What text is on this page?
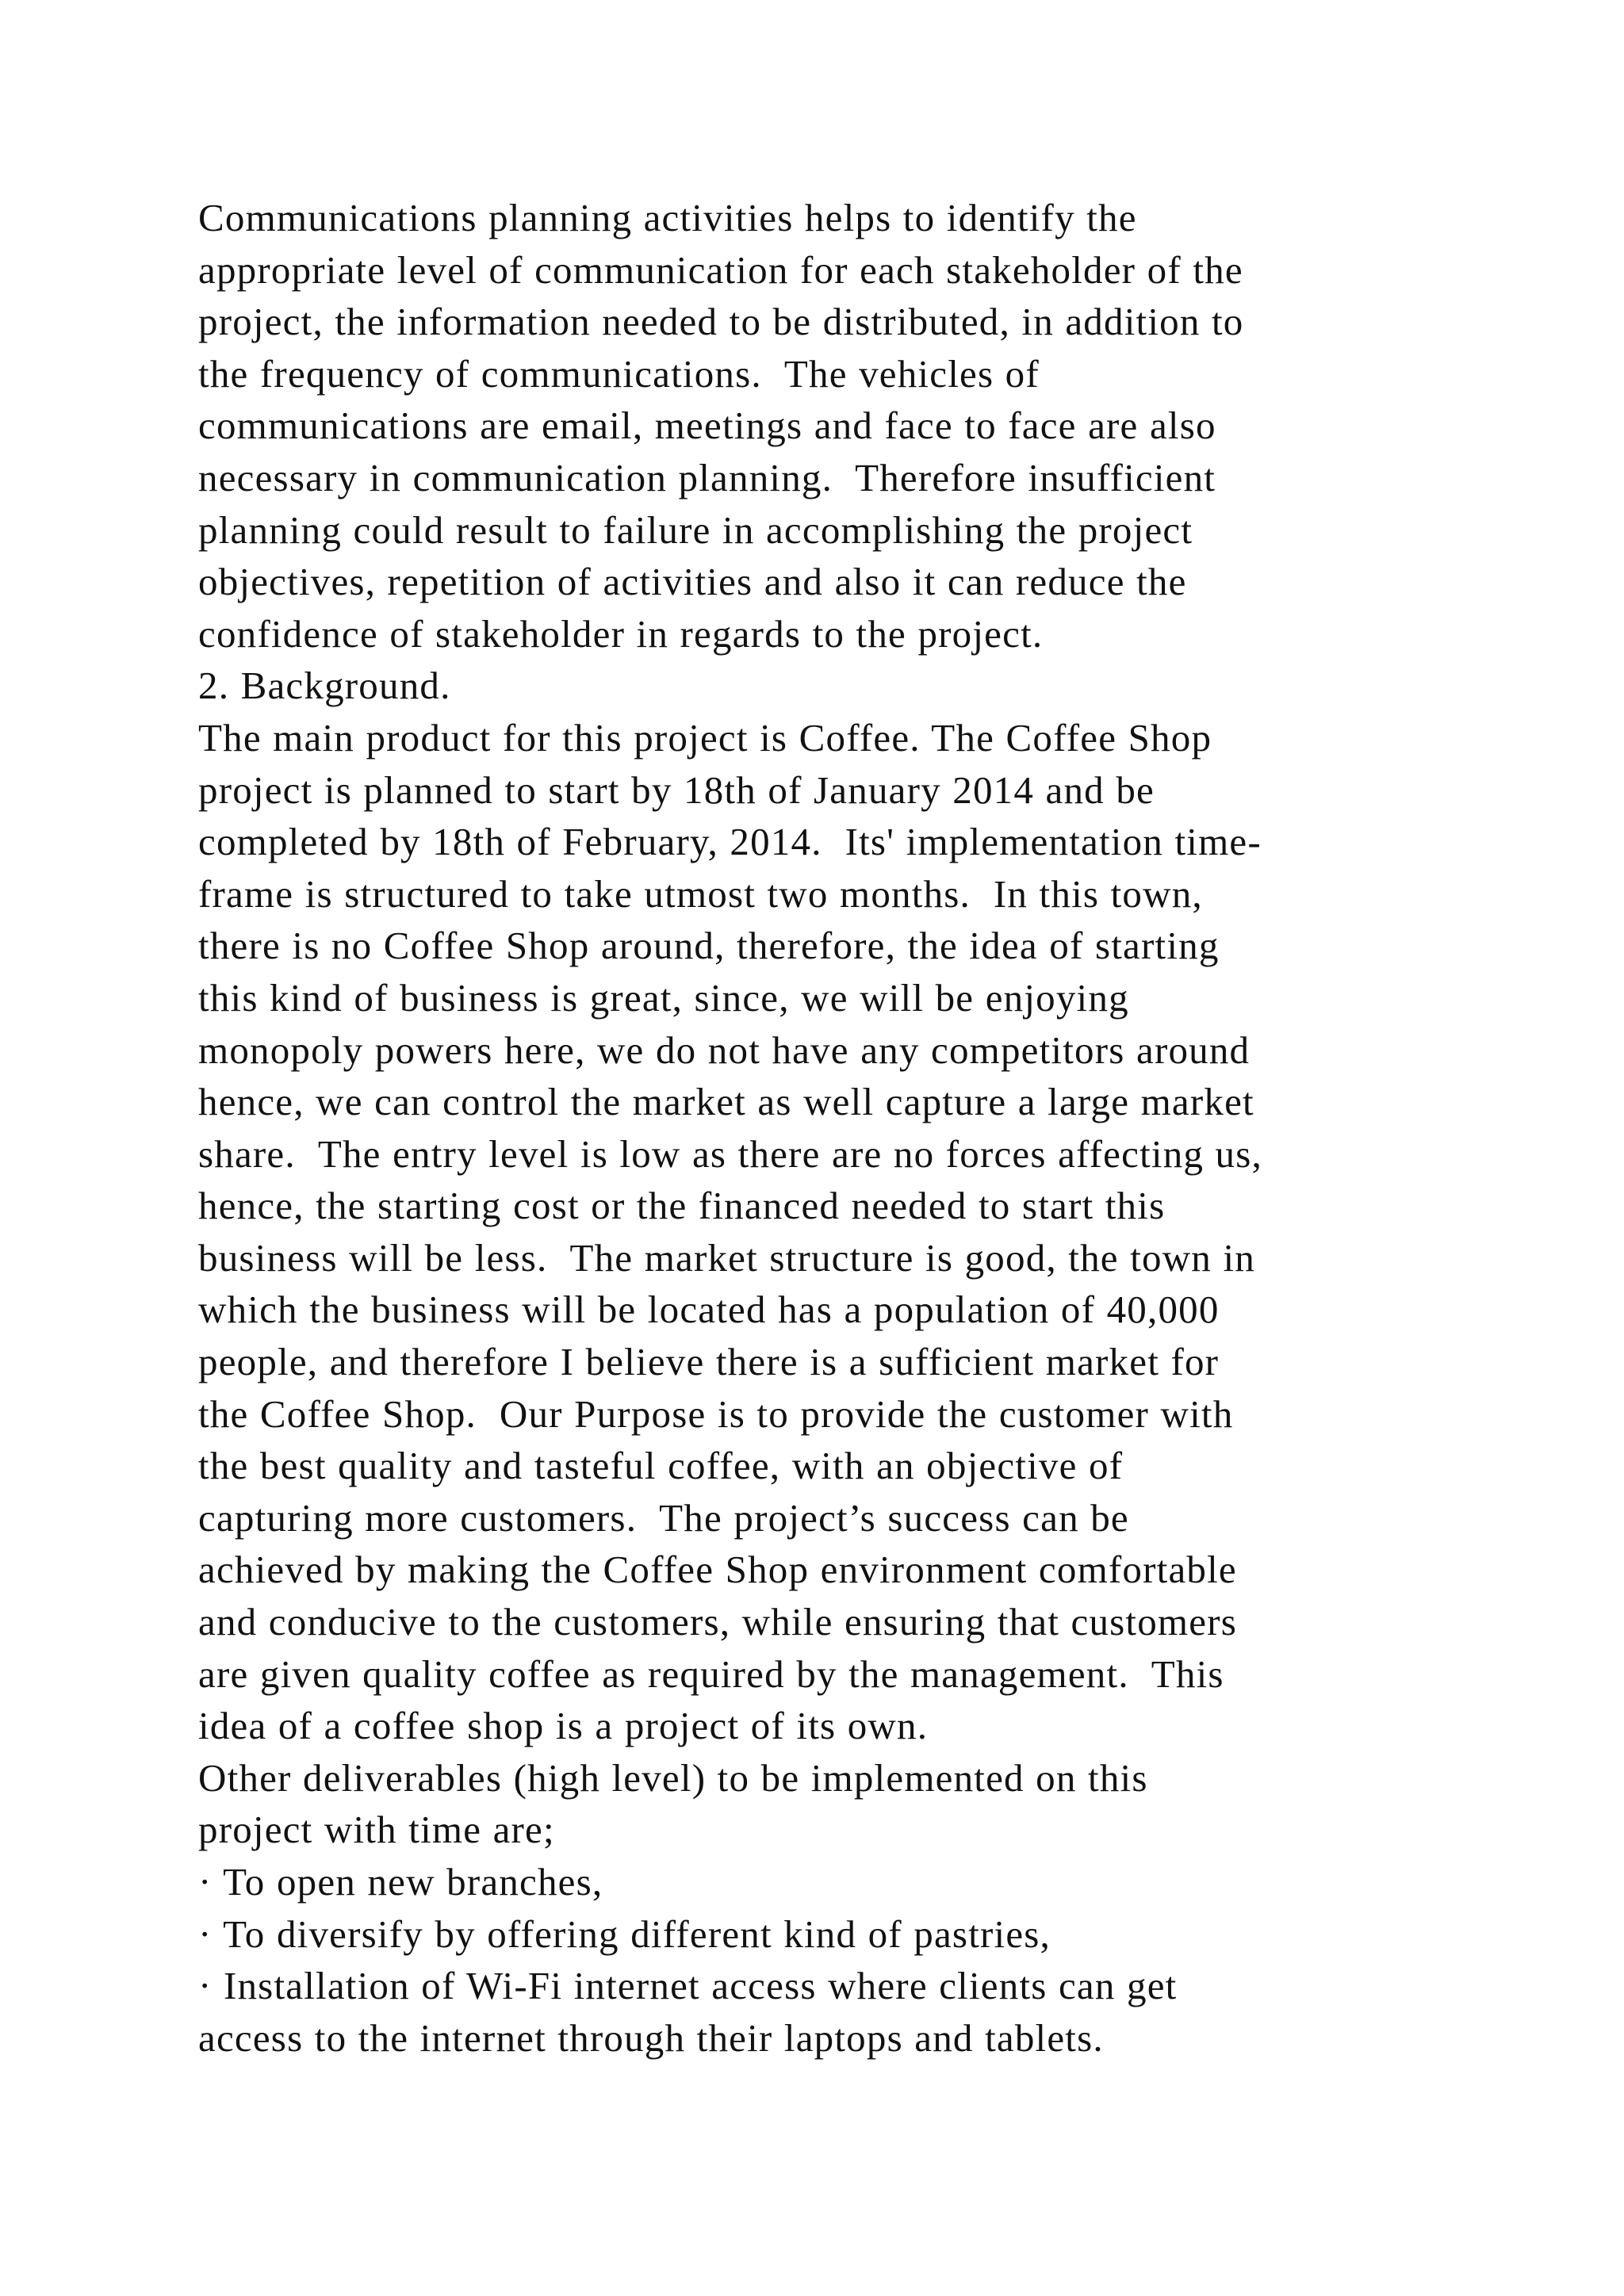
Communications planning activities helps to identify the
appropriate level of communication for each stakeholder of the
project, the information needed to be distributed, in addition to
the frequency of communications.  The vehicles of
communications are email, meetings and face to face are also
necessary in communication planning.  Therefore insufficient
planning could result to failure in accomplishing the project
objectives, repetition of activities and also it can reduce the
confidence of stakeholder in regards to the project.
2. Background.
The main product for this project is Coffee. The Coffee Shop
project is planned to start by 18th of January 2014 and be
completed by 18th of February, 2014.  Its' implementation time-
frame is structured to take utmost two months.  In this town,
there is no Coffee Shop around, therefore, the idea of starting
this kind of business is great, since, we will be enjoying
monopoly powers here, we do not have any competitors around
hence, we can control the market as well capture a large market
share.  The entry level is low as there are no forces affecting us,
hence, the starting cost or the financed needed to start this
business will be less.  The market structure is good, the town in
which the business will be located has a population of 40,000
people, and therefore I believe there is a sufficient market for
the Coffee Shop.  Our Purpose is to provide the customer with
the best quality and tasteful coffee, with an objective of
capturing more customers.  The project’s success can be
achieved by making the Coffee Shop environment comfortable
and conducive to the customers, while ensuring that customers
are given quality coffee as required by the management.  This
idea of a coffee shop is a project of its own.
Other deliverables (high level) to be implemented on this
project with time are;
· To open new branches,
· To diversify by offering different kind of pastries,
· Installation of Wi-Fi internet access where clients can get
access to the internet through their laptops and tablets.
